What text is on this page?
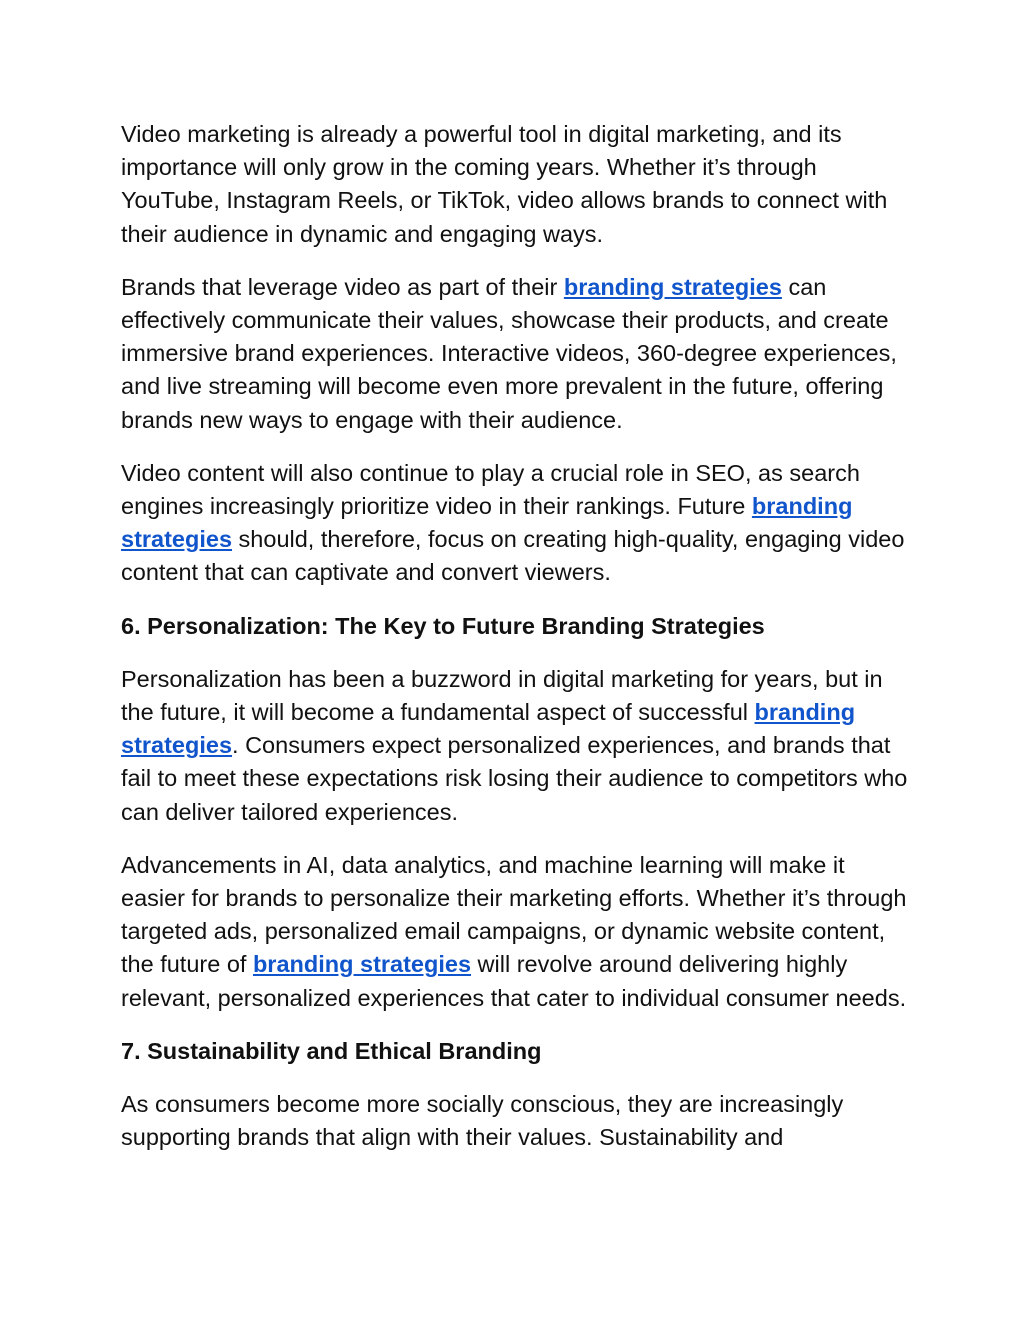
Video marketing is already a powerful tool in digital marketing, and its importance will only grow in the coming years. Whether it’s through YouTube, Instagram Reels, or TikTok, video allows brands to connect with their audience in dynamic and engaging ways.

Brands that leverage video as part of their branding strategies can effectively communicate their values, showcase their products, and create immersive brand experiences. Interactive videos, 360-degree experiences, and live streaming will become even more prevalent in the future, offering brands new ways to engage with their audience.

Video content will also continue to play a crucial role in SEO, as search engines increasingly prioritize video in their rankings. Future branding strategies should, therefore, focus on creating high-quality, engaging video content that can captivate and convert viewers.

6. Personalization: The Key to Future Branding Strategies

Personalization has been a buzzword in digital marketing for years, but in the future, it will become a fundamental aspect of successful branding strategies. Consumers expect personalized experiences, and brands that fail to meet these expectations risk losing their audience to competitors who can deliver tailored experiences.

Advancements in AI, data analytics, and machine learning will make it easier for brands to personalize their marketing efforts. Whether it’s through targeted ads, personalized email campaigns, or dynamic website content, the future of branding strategies will revolve around delivering highly relevant, personalized experiences that cater to individual consumer needs.

7. Sustainability and Ethical Branding

As consumers become more socially conscious, they are increasingly supporting brands that align with their values. Sustainability and
